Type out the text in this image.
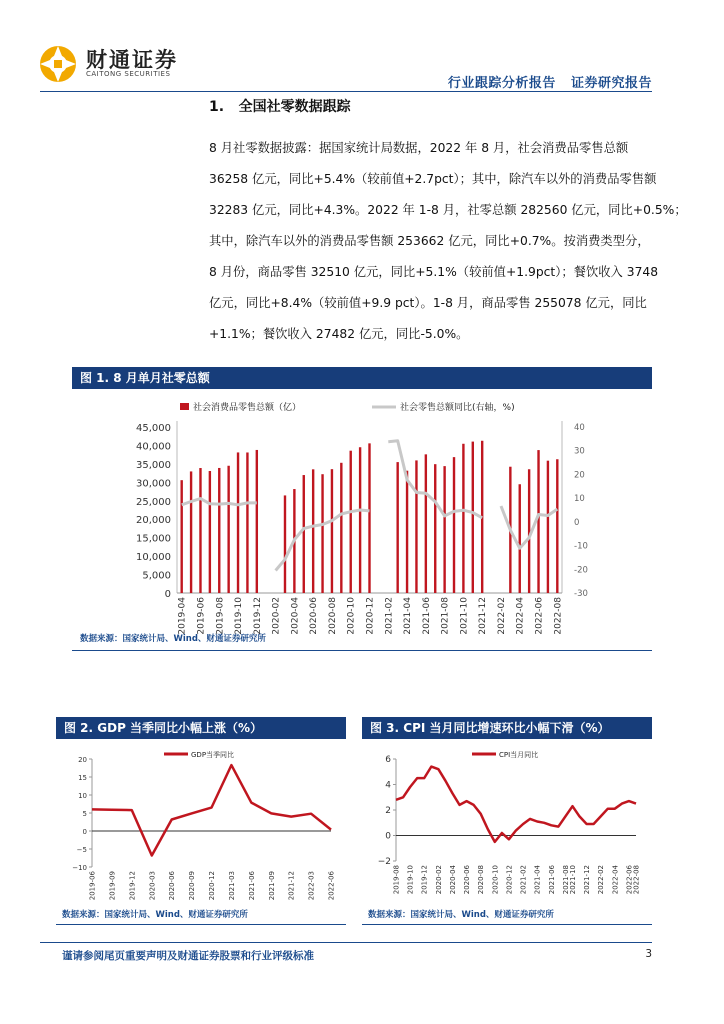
财通证券
CAITONG SECURITIES
行业跟踪分析报告   证券研究报告
1.   全国社零数据跟踪
8 月社零数据披露：据国家统计局数据，2022 年 8 月，社会消费品零售总额
36258 亿元，同比+5.4%（较前值+2.7pct）；其中，除汽车以外的消费品零售额
32283 亿元，同比+4.3%。2022 年 1-8 月，社零总额 282560 亿元，同比+0.5%；
其中，除汽车以外的消费品零售额 253662 亿元，同比+0.7%。按消费类型分，
8 月份，商品零售 32510 亿元，同比+5.1%（较前值+1.9pct）；餐饮收入 3748
亿元，同比+8.4%（较前值+9.9 pct）。1-8 月，商品零售 255078 亿元，同比
+1.1%；餐饮收入 27482 亿元，同比-5.0%。
图 1. 8 月单月社零总额
社会消费品零售总额（亿）	社会零售总额同比(右轴，%)
45,000
40,000
35,000
30,000
25,000
20,000
15,000
10,000
5,000
0
40
30
20
10
0
-10
-20
-30
2019-04 2019-06 2019-08 2019-10 2019-12 2020-02 2020-04 2020-06 2020-08 2020-10 2020-12 2021-02 2021-04 2021-06 2021-08 2021-10 2021-12 2022-02 2022-04 2022-06 2022-08
数据来源：国家统计局、Wind、财通证券研究所
图 2. GDP 当季同比小幅上涨（%）
GDP当季同比
20
15
10
5
0
−5
−10
2019-06 2019-09 2019-12 2020-03 2020-06 2020-09 2020-12 2021-03 2021-06 2021-09 2021-12 2022-03 2022-06
数据来源：国家统计局、Wind、财通证券研究所
图 3. CPI 当月同比增速环比小幅下滑（%）
CPI当月同比
6
4
2
0
−2
2019-08 2019-10 2019-12 2020-02 2020-04 2020-06 2020-08 2020-10 2020-12 2021-02 2021-04 2021-06 2021-08 2021-10 2021-12 2022-02 2022-04 2022-06 2022-08
数据来源：国家统计局、Wind、财通证券研究所
谨请参阅尾页重要声明及财通证券股票和行业评级标准	3
